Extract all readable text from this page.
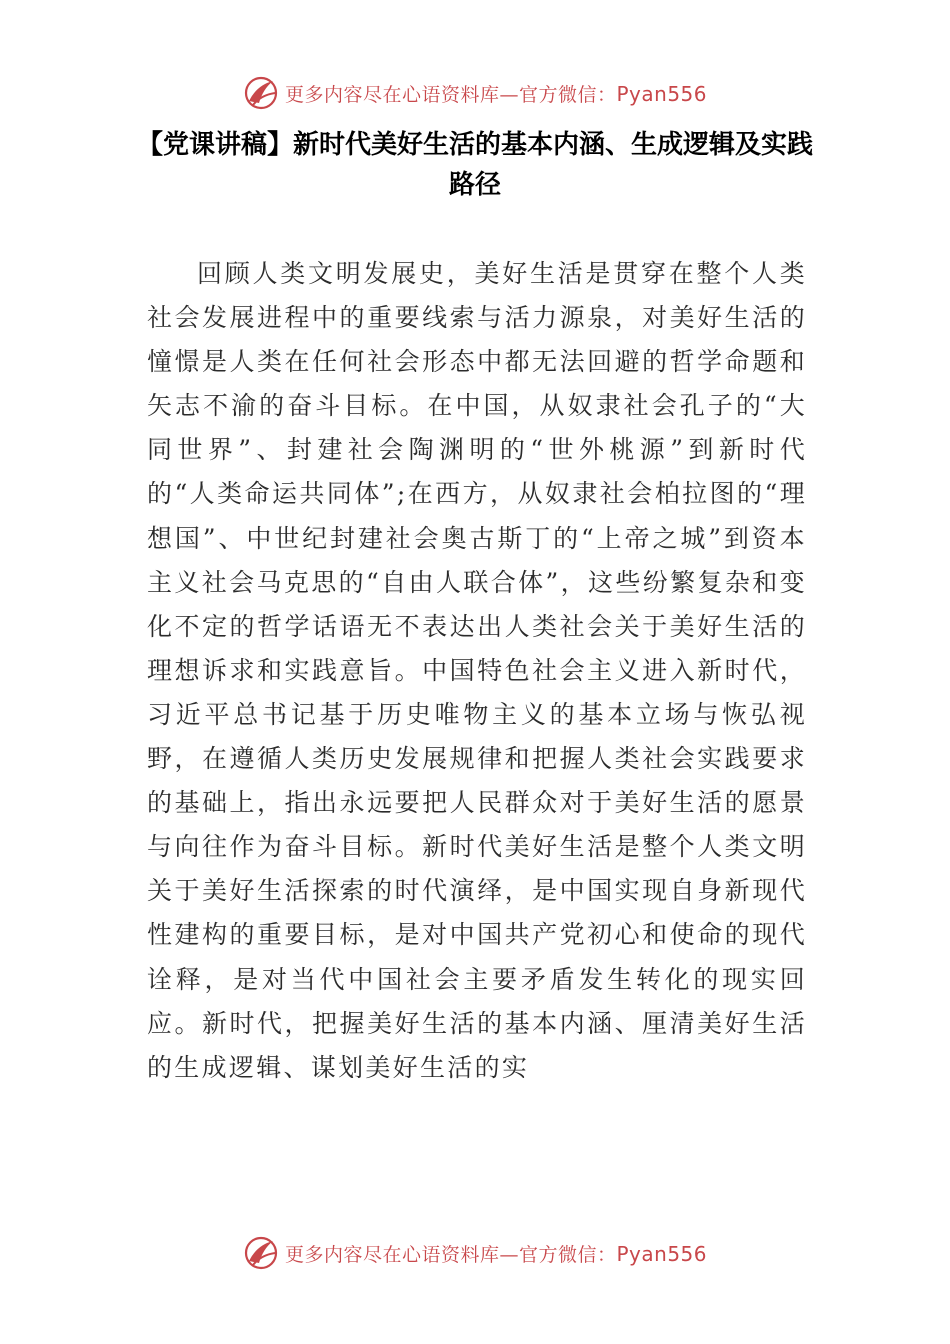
更多内容尽在心语资料库—官方微信：Pyan556
【党课讲稿】新时代美好生活的基本内涵、生成逻辑及实践路径

回顾人类文明发展史，美好生活是贯穿在整个人类社会发展进程中的重要线索与活力源泉，对美好生活的憧憬是人类在任何社会形态中都无法回避的哲学命题和矢志不渝的奋斗目标。在中国，从奴隶社会孔子的“大同世界”、封建社会陶渊明的“世外桃源”到新时代的“人类命运共同体”;在西方，从奴隶社会柏拉图的“理想国”、中世纪封建社会奥古斯丁的“上帝之城”到资本主义社会马克思的“自由人联合体”，这些纷繁复杂和变化不定的哲学话语无不表达出人类社会关于美好生活的理想诉求和实践意旨。中国特色社会主义进入新时代，习近平总书记基于历史唯物主义的基本立场与恢弘视野，在遵循人类历史发展规律和把握人类社会实践要求的基础上，指出永远要把人民群众对于美好生活的愿景与向往作为奋斗目标。新时代美好生活是整个人类文明关于美好生活探索的时代演绎，是中国实现自身新现代性建构的重要目标，是对中国共产党初心和使命的现代诠释，是对当代中国社会主要矛盾发生转化的现实回应。新时代，把握美好生活的基本内涵、厘清美好生活的生成逻辑、谋划美好生活的实

更多内容尽在心语资料库—官方微信：Pyan556
